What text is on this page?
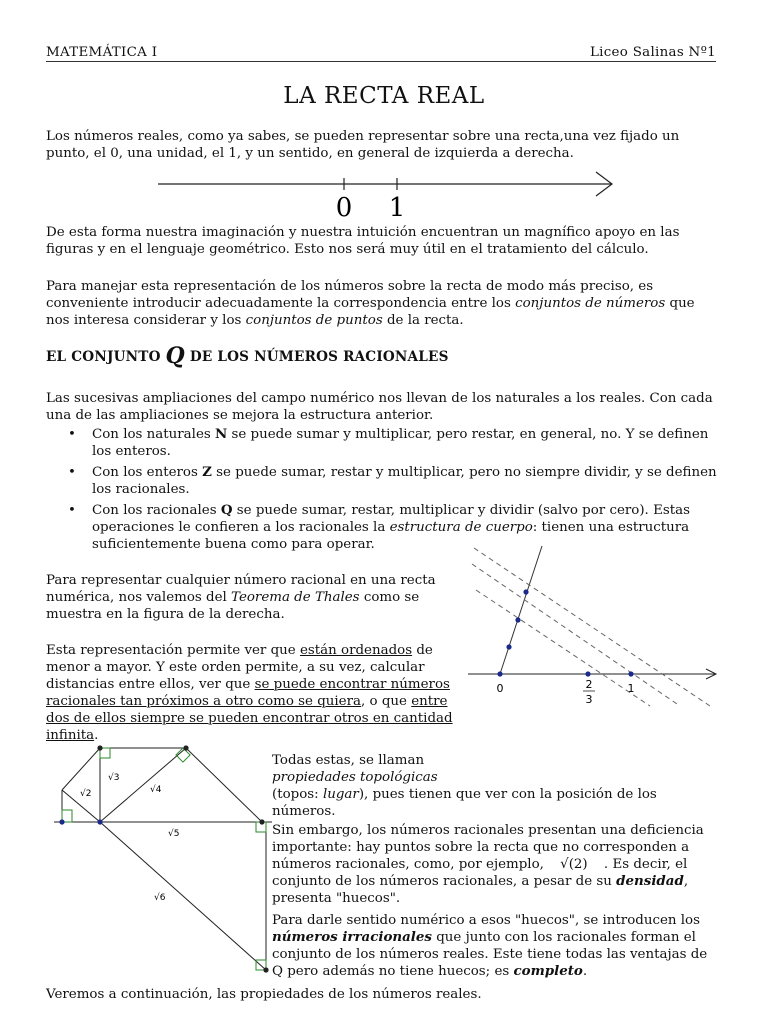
MATEMÁTICA I	Liceo Salinas Nº1
LA RECTA REAL

Los números reales, como ya sabes, se pueden representar sobre una recta,una vez fijado un punto, el 0, una unidad, el 1, y un sentido, en general de izquierda a derecha.

0 1

De esta forma nuestra imaginación y nuestra intuición encuentran un magnífico apoyo en las figuras y en el lenguaje geométrico. Esto nos será muy útil en el tratamiento del cálculo.

Para manejar esta representación de los números sobre la recta de modo más preciso, es conveniente introducir adecuadamente la correspondencia entre los conjuntos de números que nos interesa considerar y los conjuntos de puntos de la recta.

EL CONJUNTO Q DE LOS NÚMEROS RACIONALES

Las sucesivas ampliaciones del campo numérico nos llevan de los naturales a los reales. Con cada una de las ampliaciones se mejora la estructura anterior.

• Con los naturales N se puede sumar y multiplicar, pero restar, en general, no. Y se definen los enteros.
• Con los enteros Z se puede sumar, restar y multiplicar, pero no siempre dividir, y se definen los racionales.
• Con los racionales Q se puede sumar, restar, multiplicar y dividir (salvo por cero). Estas operaciones le confieren a los racionales la estructura de cuerpo: tienen una estructura suficientemente buena como para operar.

Para representar cualquier número racional en una recta numérica, nos valemos del Teorema de Thales como se muestra en la figura de la derecha.

Esta representación permite ver que están ordenados de menor a mayor. Y este orden permite, a su vez, calcular distancias entre ellos, ver que se puede encontrar números racionales tan próximos a otro como se quiera, o que entre dos de ellos siempre se pueden encontrar otros en cantidad infinita.

0	2
3
1
√2
√3
√4
√5
√6

Todas estas, se llaman
propiedades topológicas
(topos: lugar), pues tienen que ver con la posición de los números.

Sin embargo, los números racionales presentan una deficiencia importante: hay puntos sobre la recta que no corresponden a números racionales, como, por ejemplo, √(2) . Es decir, el conjunto de los números racionales, a pesar de su densidad, presenta "huecos".

Para darle sentido numérico a esos "huecos", se introducen los números irracionales que junto con los racionales forman el conjunto de los números reales. Este tiene todas las ventajas de Q pero además no tiene huecos; es completo.

Veremos a continuación, las propiedades de los números reales.
